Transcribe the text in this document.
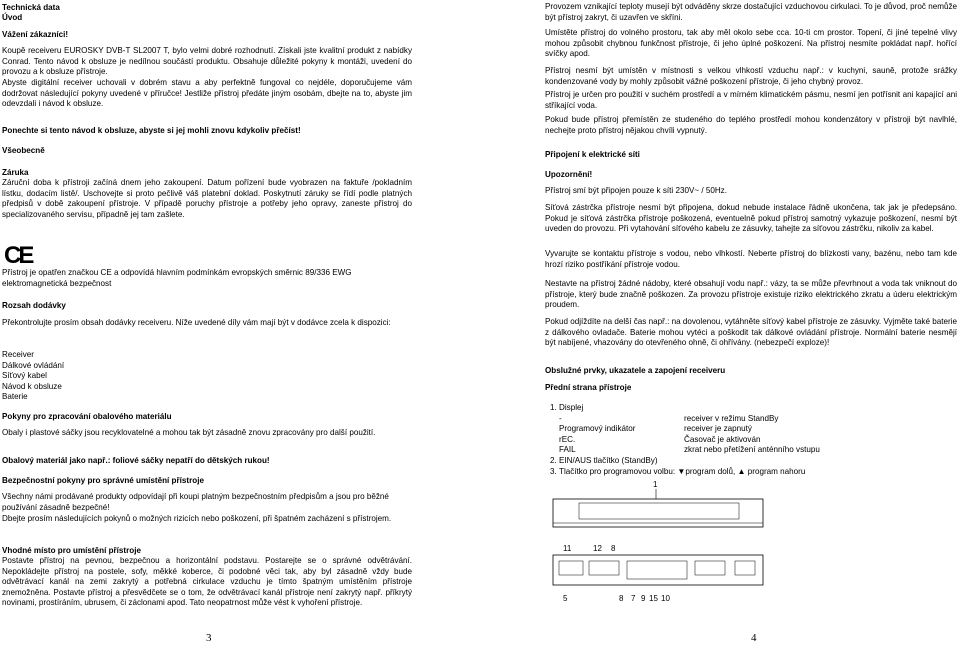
Technická data

Úvod

Vážení zákazníci!

Koupě receiveru EUROSKY DVB-T SL2007 T, bylo velmi dobré rozhodnutí. Získali jste kvalitní produkt z nabídky Conrad. Tento návod k obsluze je nedílnou součástí produktu. Obsahuje důležité pokyny k montáži, uvedení do provozu a k obsluze přístroje.

Abyste digitální receiver uchovali v dobrém stavu a aby perfektně fungoval co nejdéle, doporučujeme vám dodržovat následující pokyny uvedené v příručce! Jestliže přístroj předáte jiným osobám, dbejte na to, abyste jim odevzdali i návod k obsluze.

Ponechte si tento návod k obsluze, abyste si jej mohli znovu kdykoliv přečíst!

Všeobecně

Záruka

Záruční doba k přístroji začíná dnem jeho zakoupení. Datum pořízení bude vyobrazen na faktuře /pokladním lístku, dodacím listě/. Uschovejte si proto pečlivě váš platební doklad. Poskytnutí záruky se řídí podle platných předpisů v době zakoupení přístroje. V případě poruchy přístroje a potřeby jeho opravy, zaneste přístroj do specializovaného servisu, případně jej tam zašlete.

CE

Přístroj je opatřen značkou CE a odpovídá hlavním podmínkám evropských směrnic 89/336 EWG elektromagnetická bezpečnost

Rozsah dodávky

Překontrolujte prosím obsah dodávky receiveru. Níže uvedené díly vám mají být v dodávce zcela k dispozici:

Receiver

Dálkové ovládání

Síťový kabel

Návod k obsluze

Baterie

Pokyny pro zpracování obalového materiálu

Obaly i plastové sáčky jsou recyklovatelné a mohou tak být zásadně znovu zpracovány pro další použití.

Obalový materiál jako např.: foliové sáčky nepatří do dětských rukou!

Bezpečnostní pokyny pro správné umístění přístroje

Všechny námi prodávané produkty odpovídají při koupi platným bezpečnostním předpisům a jsou pro běžné používání zásadně bezpečné!

Dbejte prosím následujících pokynů o možných rizicích nebo poškození, při špatném zacházení s přístrojem.

Vhodné místo pro umístění přístroje

Postavte přístroj na pevnou, bezpečnou a horizontální podstavu. Postarejte se o správné odvětrávání. Nepokládejte přístroj na postele, sofy, měkké koberce, či podobné věci tak, aby byl zásadně vždy bude odvětrávací kanál na zemi zakrytý a potřebná cirkulace vzduchu je tímto špatným umístěním přístroje znemožněna. Postavte přístroj a přesvědčete se o tom, že odvětrávací kanál přístroje není zakrytý např. příkrytý novinami, prostíráním, ubrusem, či záclonami apod. Tato neopatrnost může vést k vyhoření přístroje.

3

Provozem vznikající teploty musejí být odváděny skrze dostačující vzduchovou cirkulaci. To je důvod, proč nemůže být přístroj zakryt, či uzavřen ve skříni.

Umístěte přístroj do volného prostoru, tak aby měl okolo sebe cca. 10-ti cm prostor. Topení, či jiné tepelné vlivy mohou způsobit chybnou funkčnost přístroje, či jeho úplné poškození. Na přístroj nesmíte pokládat např. hořící svíčky apod.

Přístroj nesmí být umístěn v místnosti s velkou vlhkostí vzduchu např.: v kuchyni, sauně, protože srážky kondenzované vody by mohly způsobit vážné poškození přístroje, či jeho chybný provoz.

Přístroj je určen pro použití v suchém prostředí a v mírném klimatickém pásmu, nesmí jen potřísnit ani kapající ani stříkající voda.

Pokud bude přístroj přemístěn ze studeného do teplého prostředí mohou kondenzátory v přístroji být navlhlé, nechejte proto přístroj nějakou chvíli vypnutý.

Připojení k elektrické síti

Upozornění!

Přístroj smí být připojen pouze k síti 230V~ / 50Hz.

Síťová zástrčka přístroje nesmí být připojena, dokud nebude instalace řádně ukončena, tak jak je předepsáno. Pokud je síťová zástrčka přístroje poškozená, eventuelně pokud přístroj samotný vykazuje poškození, nesmí být uveden do provozu. Při vytahování síťového kabelu ze zásuvky, tahejte za síťovou zástrčku, nikoliv za kabel.

Vyvarujte se kontaktu přístroje s vodou, nebo vlhkostí. Neberte přístroj do blízkosti vany, bazénu, nebo tam kde hrozí riziko postříkání přístroje vodou.

Nestavte na přístroj žádné nádoby, které obsahují vodu např.: vázy, ta se může převrhnout a voda tak vniknout do přístroje, který bude značně poškozen. Za provozu přístroje existuje riziko elektrického zkratu a úderu elektrickým proudem.

Pokud odjíždíte na delší čas např.: na dovolenou, vytáhněte síťový kabel přístroje ze zásuvky. Vyjměte také baterie z dálkového ovladače. Baterie mohou vytéci a poškodit tak dálkové ovládání přístroje. Normální baterie nesmějí být nabíjené, vhazovány do otevřeného ohně, či ohřívány. (nebezpečí exploze)!

Obslužné prvky, ukazatele a zapojení receiveru

Přední strana přístroje

1. Displej
-	receiver v režimu StandBy
Programový indikátor	receiver je zapnutý
rEC.	Časovač je aktivován
FAIL	zkrat nebo přetížení anténního vstupu
2. EIN/AUS tlačítko (StandBy)
3. Tlačítko pro programovou volbu: ▼program dolů, ▲ program nahoru
1
11	12 8
5	8 7 9 15 10
4
